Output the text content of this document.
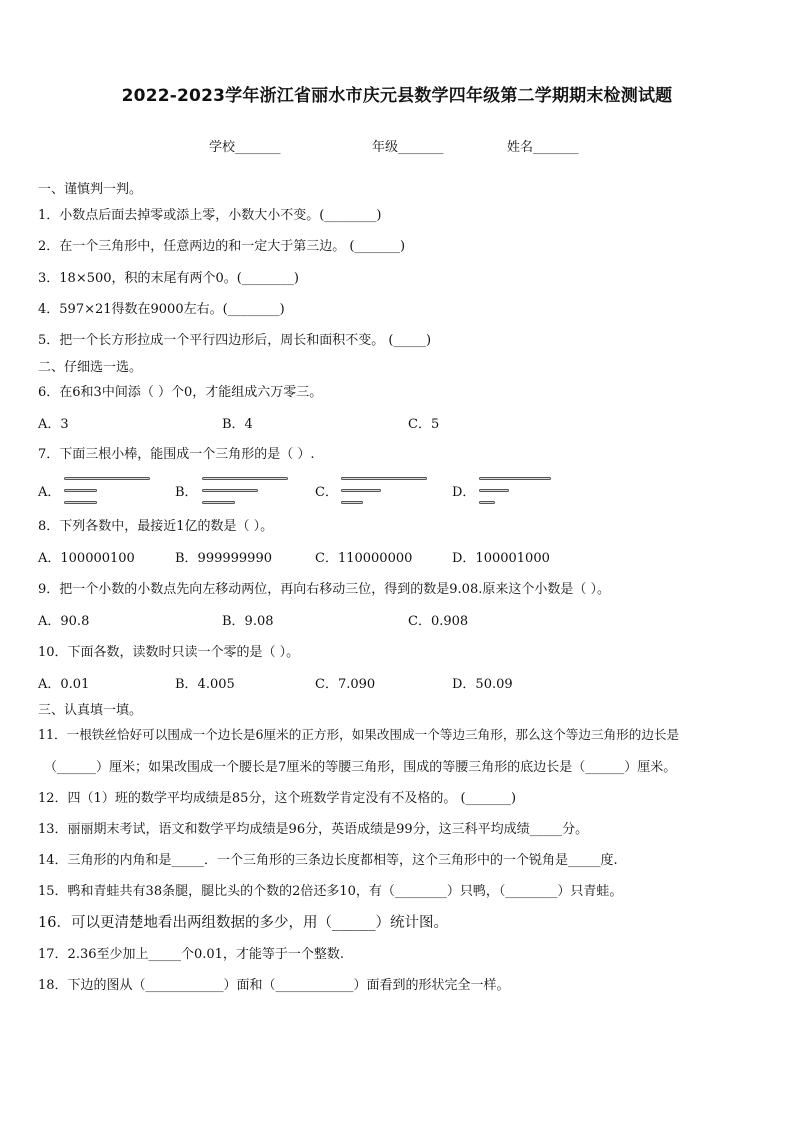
2022-2023学年浙江省丽水市庆元县数学四年级第二学期期末检测试题
学校_______	年级_______	姓名_______
一、谨慎判一判。
1．小数点后面去掉零或添上零，小数大小不变。(________)
2．在一个三角形中，任意两边的和一定大于第三边。 (_______)
3．18×500，积的末尾有两个0。(________)
4．597×21得数在9000左右。(________)
5．把一个长方形拉成一个平行四边形后，周长和面积不变。 (_____)
二、仔细选一选。
6．在6和3中间添（ ）个0，才能组成六万零三。
A．3	B．4	C．5
7．下面三根小棒，能围成一个三角形的是（ ）.
A．	B．	C．	D．
8．下列各数中，最接近1亿的数是（ ）。
A．100000100	B．999999990	C．110000000	D．100001000
9．把一个小数的小数点先向左移动两位，再向右移动三位，得到的数是9.08.原来这个小数是（ ）。
A．90.8	B．9.08	C．0.908
10．下面各数，读数时只读一个零的是（ ）。
A．0.01	B．4.005	C．7.090	D．50.09
三、认真填一填。
11．一根铁丝恰好可以围成一个边长是6厘米的正方形，如果改围成一个等边三角形，那么这个等边三角形的边长是
（______）厘米；如果改围成一个腰长是7厘米的等腰三角形，围成的等腰三角形的底边长是（______）厘米。
12．四（1）班的数学平均成绩是85分，这个班数学肯定没有不及格的。 (_______)
13．丽丽期末考试，语文和数学平均成绩是96分，英语成绩是99分，这三科平均成绩_____分。
14．三角形的内角和是_____．一个三角形的三条边长度都相等，这个三角形中的一个锐角是_____度.
15．鸭和青蛙共有38条腿，腿比头的个数的2倍还多10，有（________）只鸭，（________）只青蛙。
16．可以更清楚地看出两组数据的多少，用（______）统计图。
17．2.36至少加上_____个0.01，才能等于一个整数.
18．下边的图从（____________）面和（____________）面看到的形状完全一样。
